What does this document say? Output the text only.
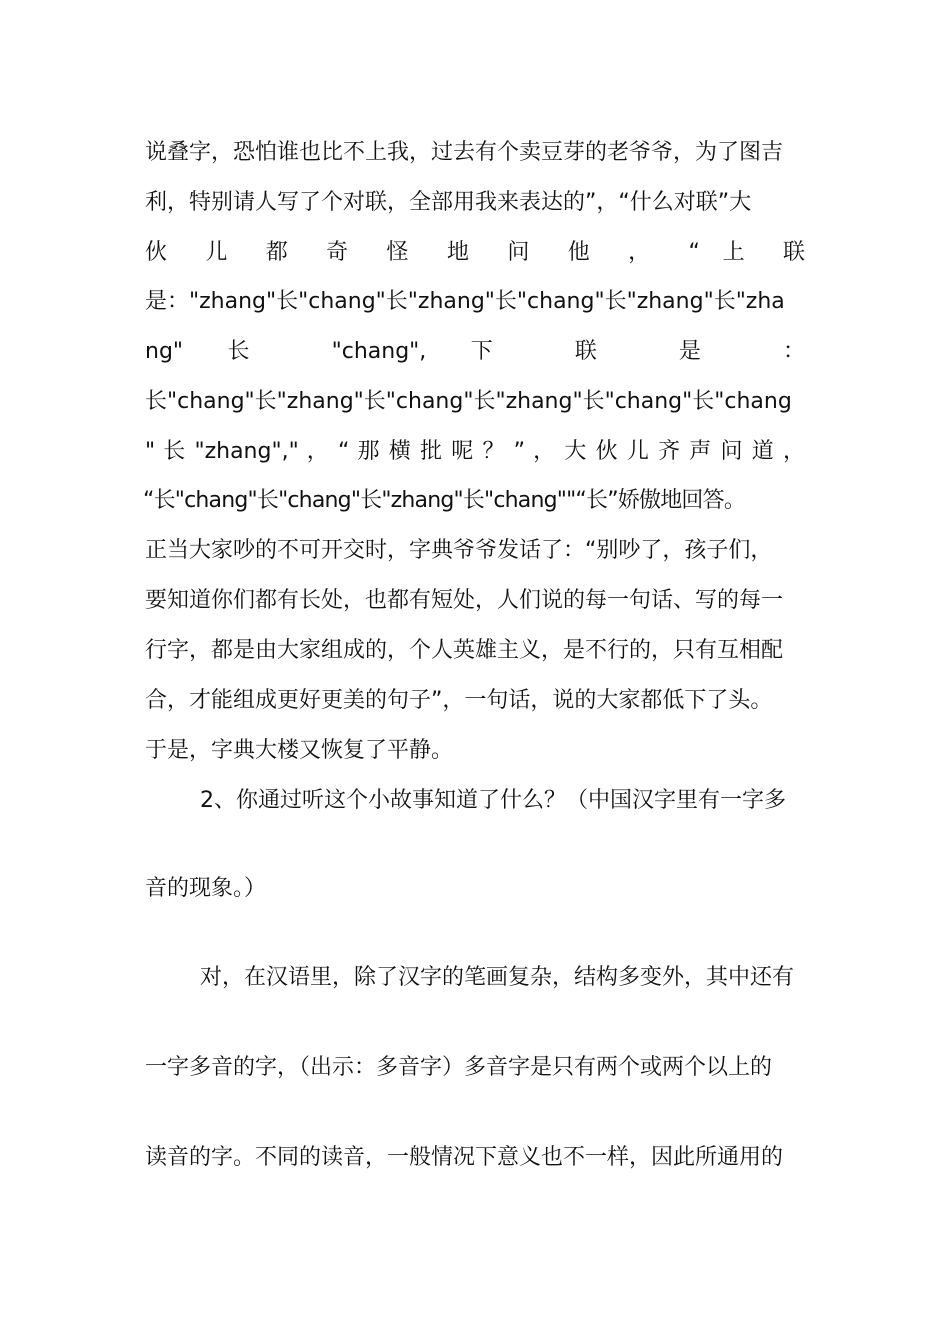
说叠字，恐怕谁也比不上我，过去有个卖豆芽的老爷爷，为了图吉
利，特别请人写了个对联，全部用我来表达的”，“什么对联”大
伙 儿 都 奇 怪 地 问 他 ， “ 上 联
是："zhang"长"chang"长"zhang"长"chang"长"zhang"长"zha
ng" 长 "chang", 下 联 是 ：
长"chang"长"zhang"长"chang"长"zhang"长"chang"长"chang
" 长 "zhang"," ， “ 那 横 批 呢 ？ ” ， 大 伙 儿 齐 声 问 道 ，
“长"chang"长"chang"长"zhang"长"chang""“长”娇傲地回答。
正当大家吵的不可开交时，字典爷爷发话了：“别吵了，孩子们，
要知道你们都有长处，也都有短处，人们说的每一句话、写的每一
行字，都是由大家组成的，个人英雄主义，是不行的，只有互相配
合，才能组成更好更美的句子”，一句话，说的大家都低下了头。
于是，字典大楼又恢复了平静。
2、你通过听这个小故事知道了什么？（中国汉字里有一字多
音的现象。）
对，在汉语里，除了汉字的笔画复杂，结构多变外，其中还有
一字多音的字，（出示：多音字）多音字是只有两个或两个以上的
读音的字。不同的读音，一般情况下意义也不一样，因此所通用的
